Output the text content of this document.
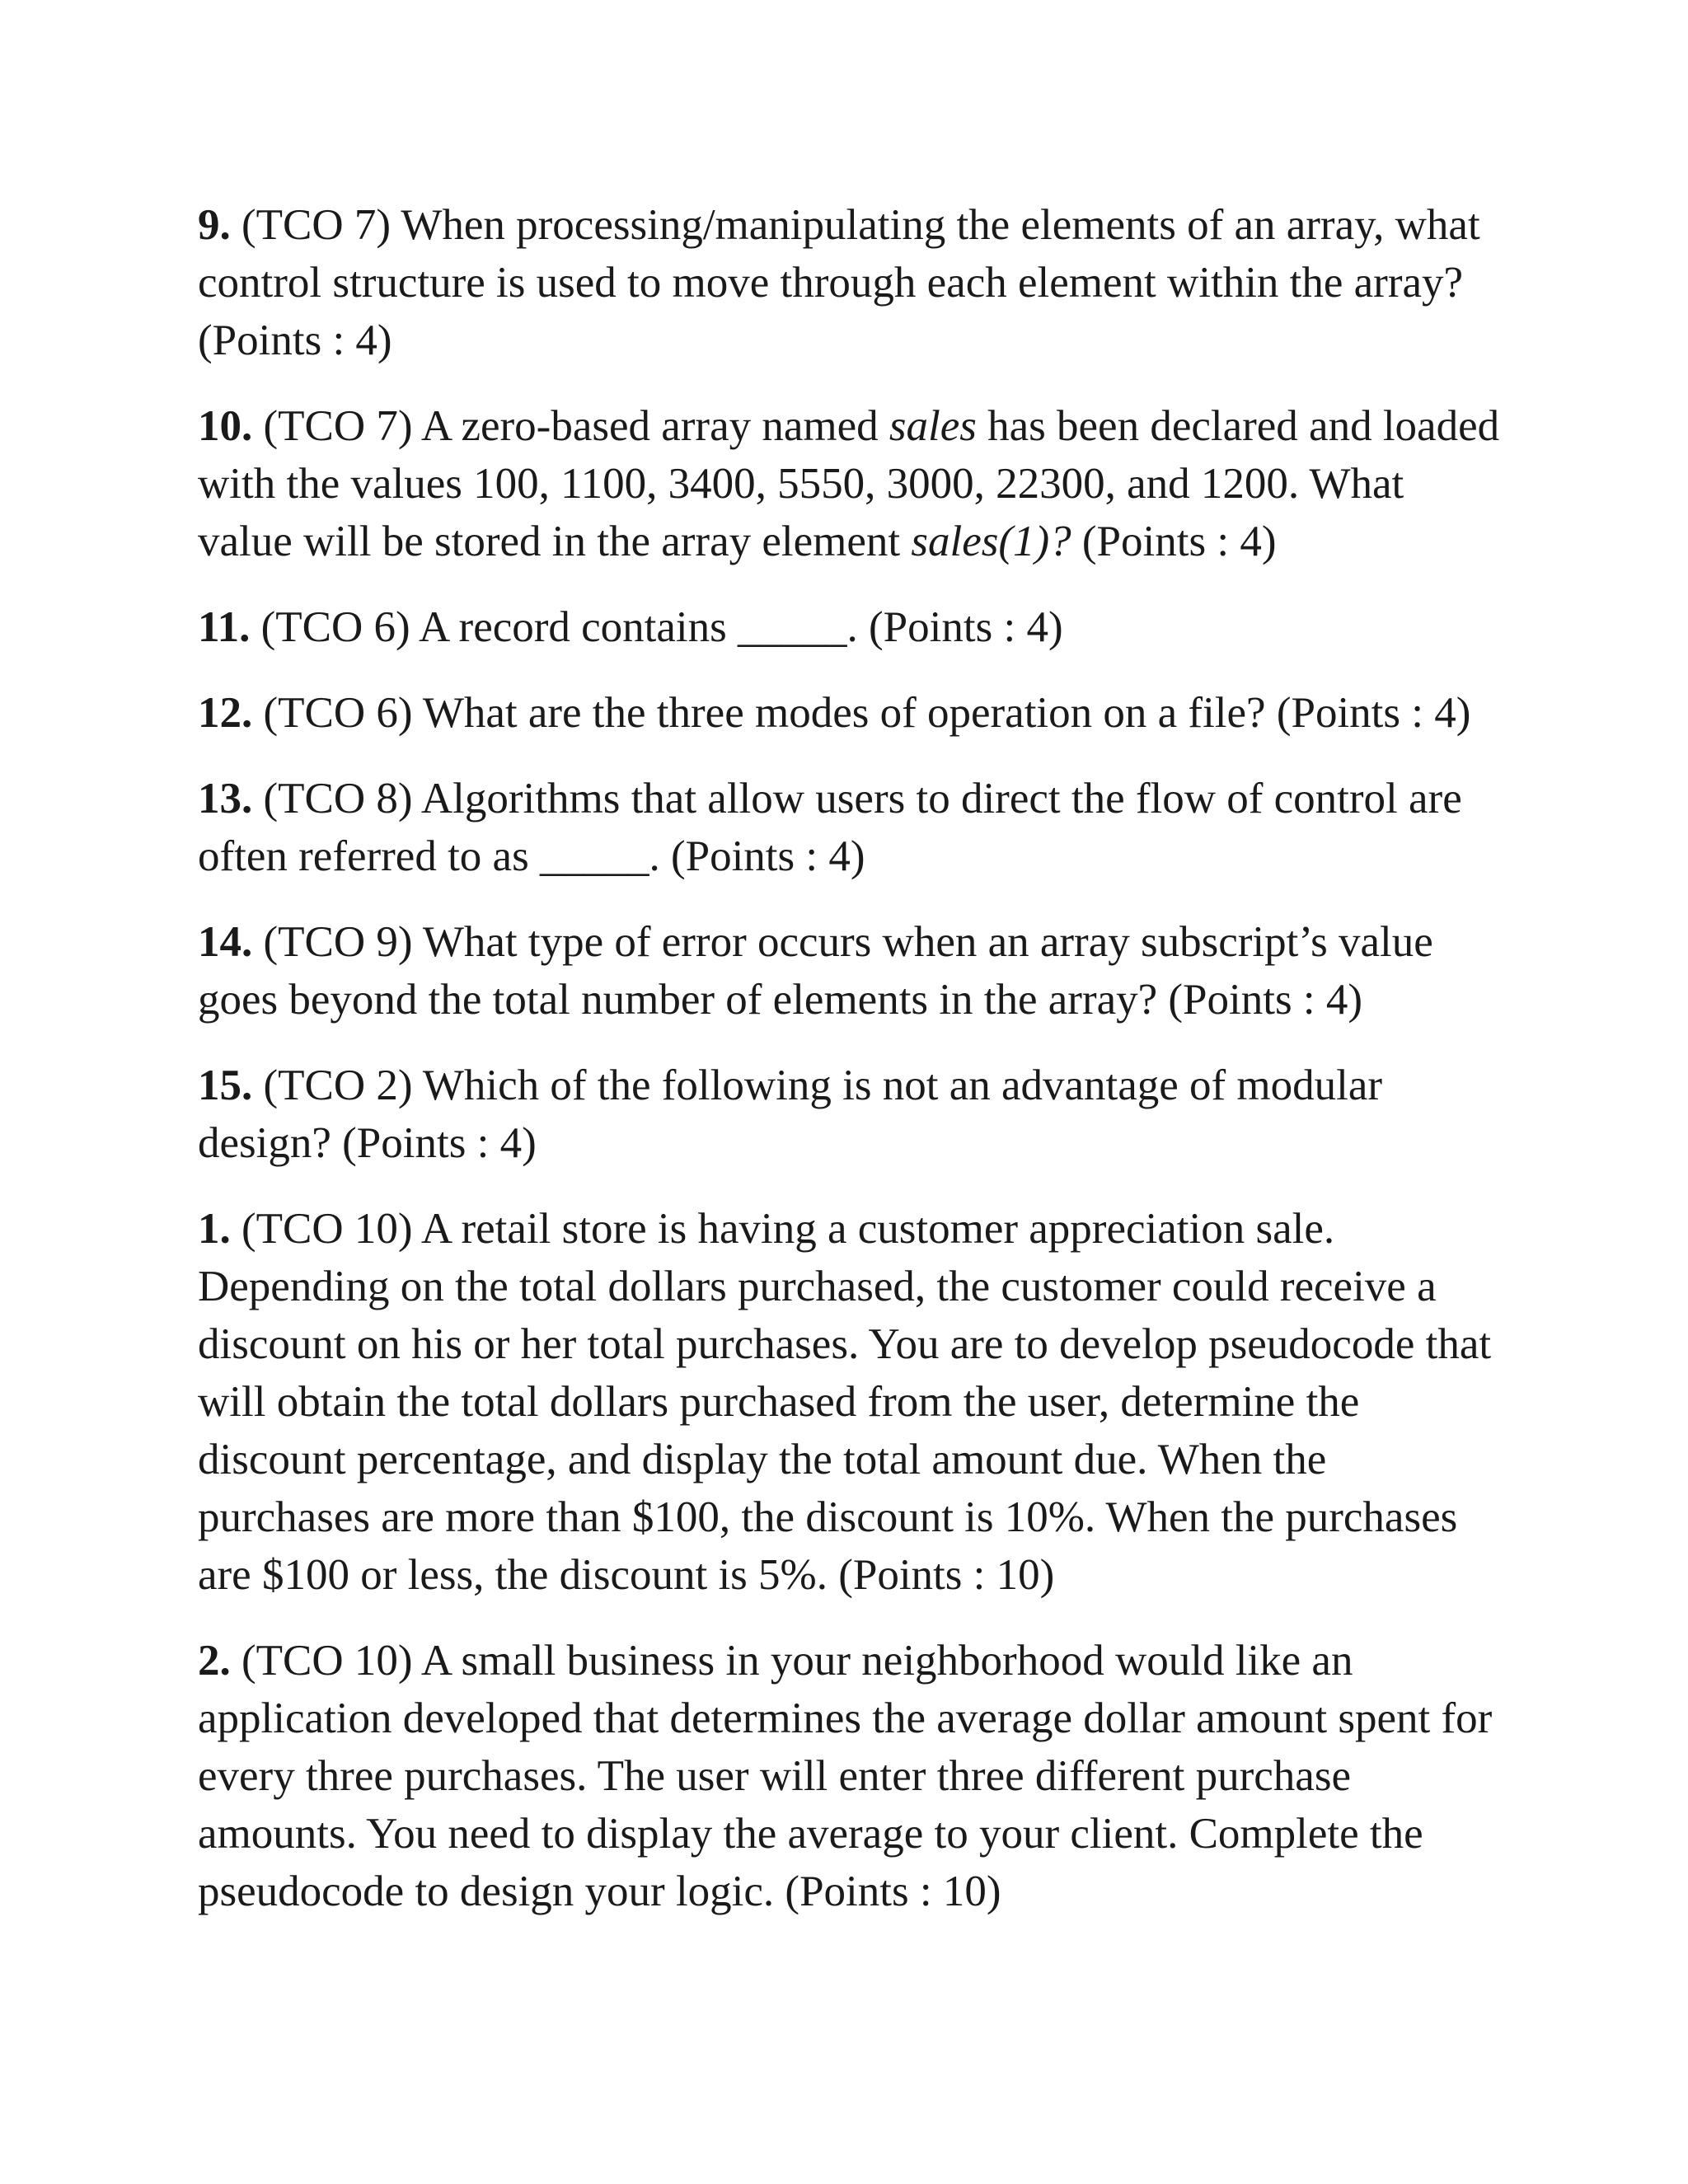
9. (TCO 7) When processing/manipulating the elements of an array, what control structure is used to move through each element within the array? (Points : 4)

10. (TCO 7) A zero-based array named sales has been declared and loaded with the values 100, 1100, 3400, 5550, 3000, 22300, and 1200. What value will be stored in the array element sales(1)? (Points : 4)

11. (TCO 6) A record contains _____. (Points : 4)

12. (TCO 6) What are the three modes of operation on a file? (Points : 4)

13. (TCO 8) Algorithms that allow users to direct the flow of control are often referred to as _____. (Points : 4)

14. (TCO 9) What type of error occurs when an array subscript’s value goes beyond the total number of elements in the array? (Points : 4)

15. (TCO 2) Which of the following is not an advantage of modular design? (Points : 4)

1. (TCO 10) A retail store is having a customer appreciation sale. Depending on the total dollars purchased, the customer could receive a discount on his or her total purchases. You are to develop pseudocode that will obtain the total dollars purchased from the user, determine the discount percentage, and display the total amount due. When the purchases are more than $100, the discount is 10%. When the purchases are $100 or less, the discount is 5%. (Points : 10)

2. (TCO 10) A small business in your neighborhood would like an application developed that determines the average dollar amount spent for every three purchases. The user will enter three different purchase amounts. You need to display the average to your client. Complete the pseudocode to design your logic. (Points : 10)
